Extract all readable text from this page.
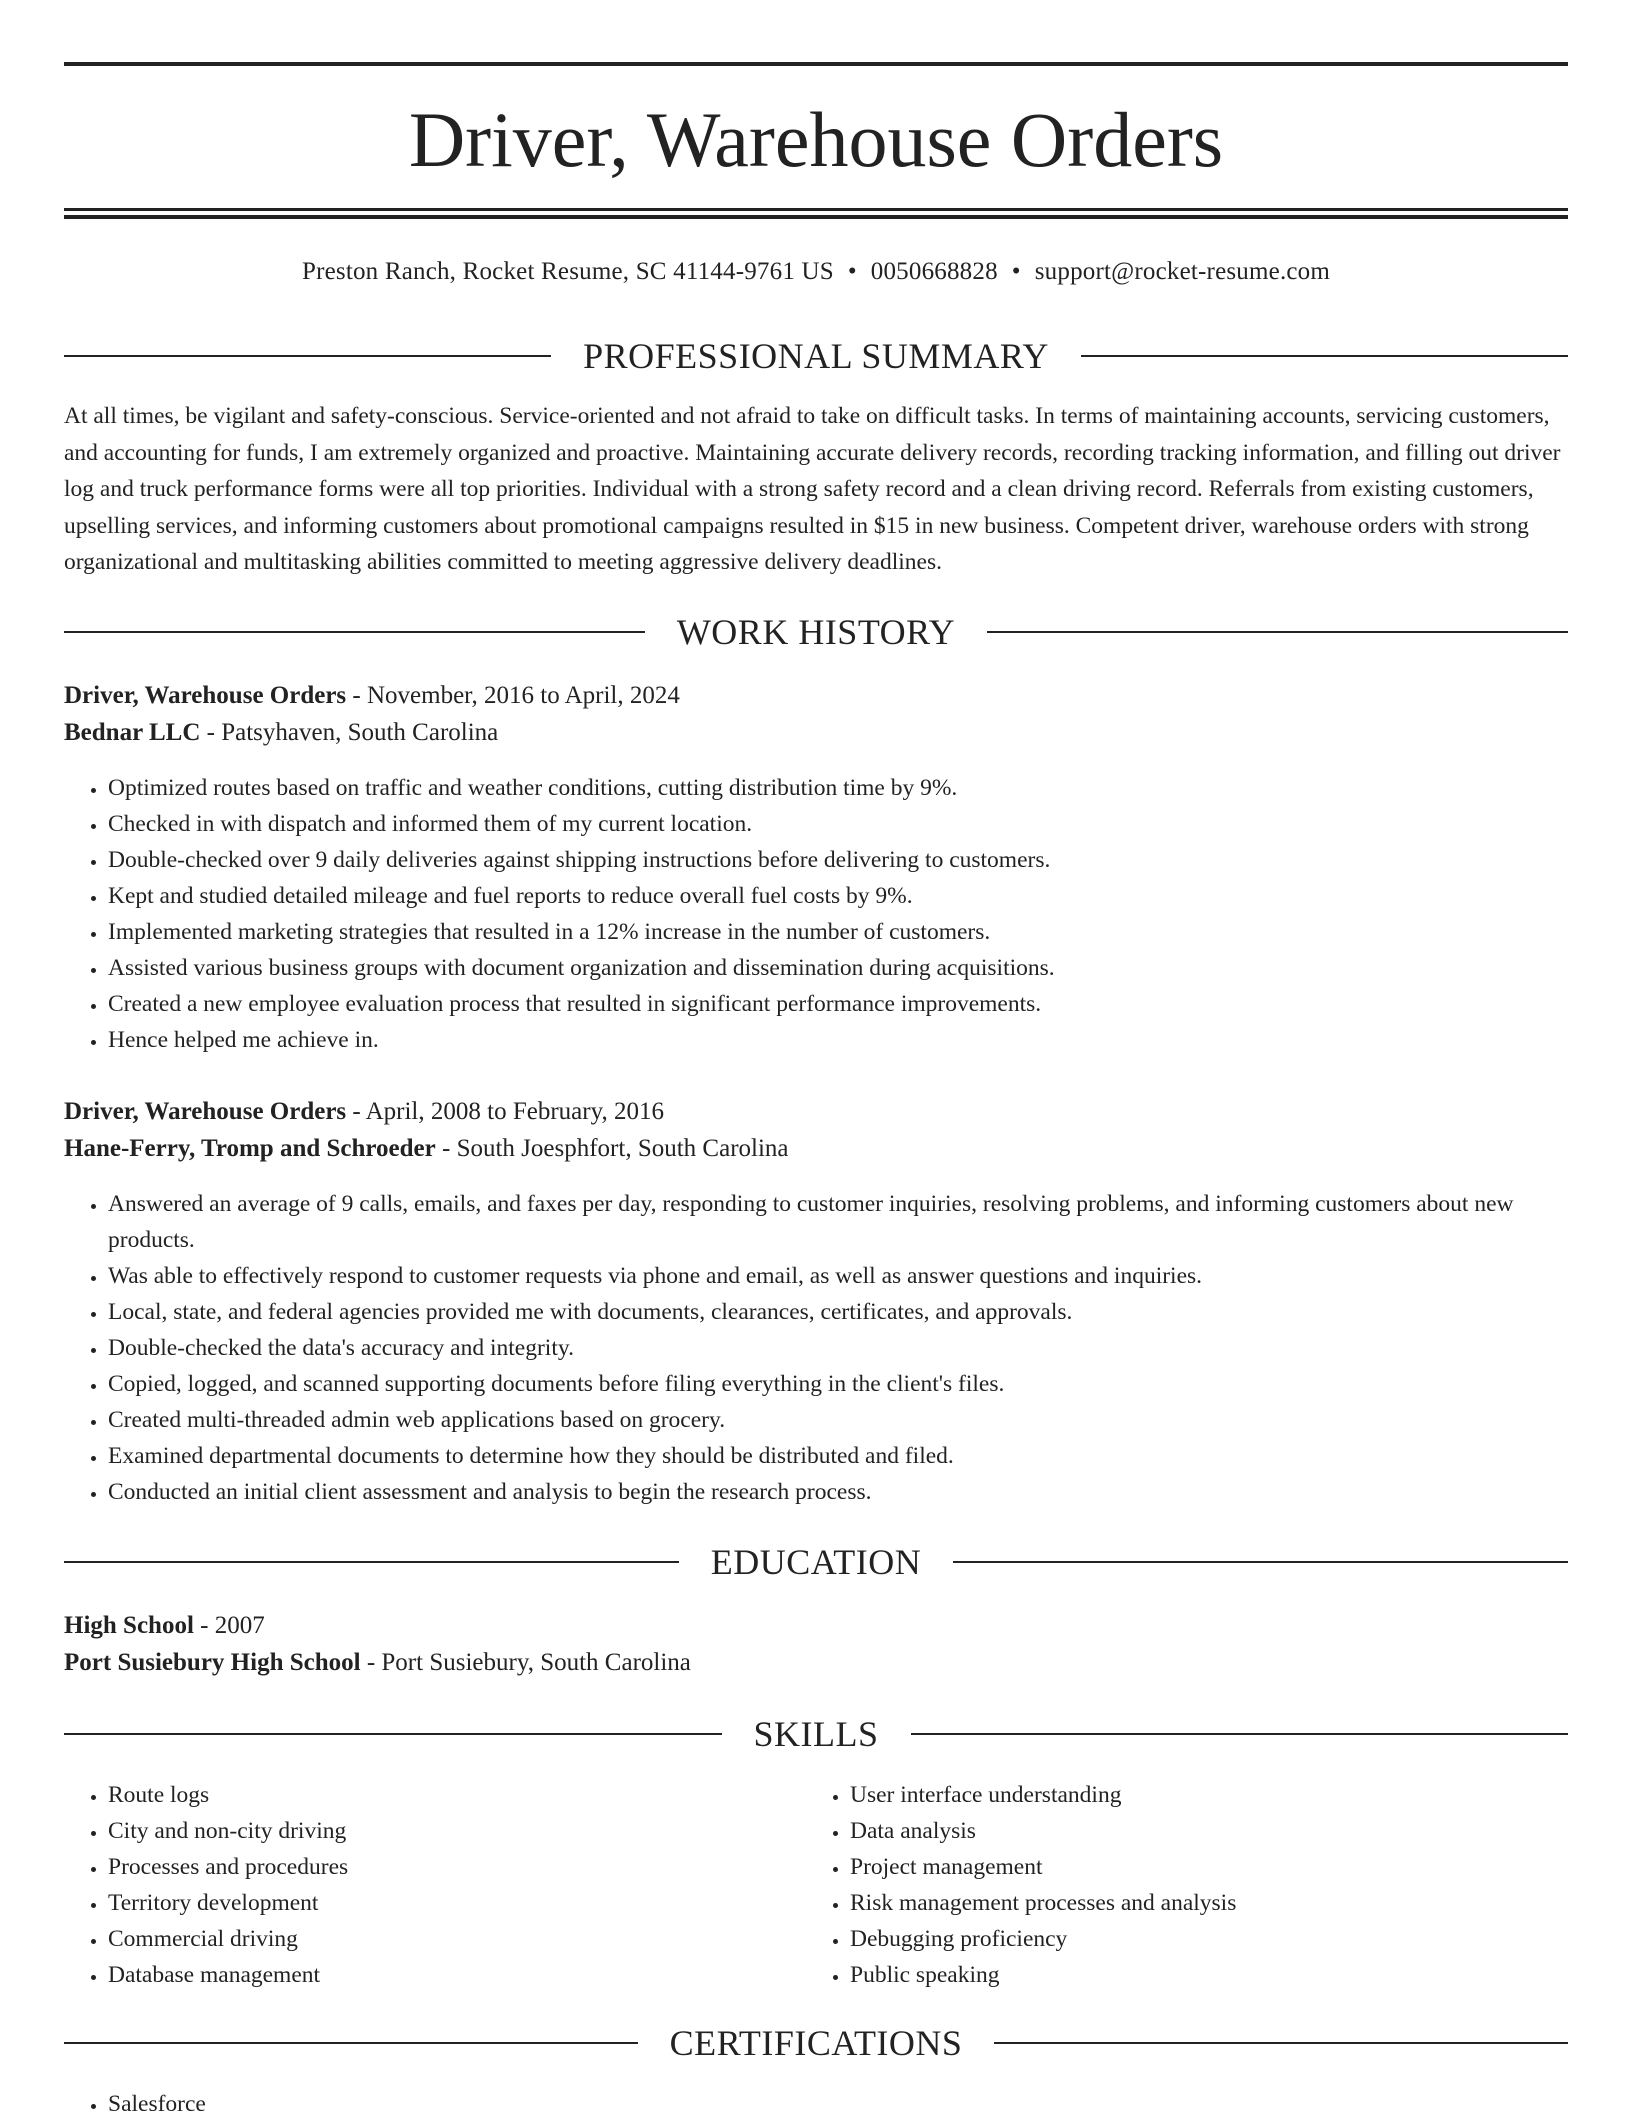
Driver, Warehouse Orders
Preston Ranch, Rocket Resume, SC 41144-9761 US • 0050668828 • support@rocket-resume.com
PROFESSIONAL SUMMARY

At all times, be vigilant and safety-conscious. Service-oriented and not afraid to take on difficult tasks. In terms of maintaining accounts, servicing customers, and accounting for funds, I am extremely organized and proactive. Maintaining accurate delivery records, recording tracking information, and filling out driver log and truck performance forms were all top priorities. Individual with a strong safety record and a clean driving record. Referrals from existing customers, upselling services, and informing customers about promotional campaigns resulted in $15 in new business. Competent driver, warehouse orders with strong organizational and multitasking abilities committed to meeting aggressive delivery deadlines.

WORK HISTORY
Driver, Warehouse Orders - November, 2016 to April, 2024
Bednar LLC - Patsyhaven, South Carolina
• Optimized routes based on traffic and weather conditions, cutting distribution time by 9%.
• Checked in with dispatch and informed them of my current location.
• Double-checked over 9 daily deliveries against shipping instructions before delivering to customers.
• Kept and studied detailed mileage and fuel reports to reduce overall fuel costs by 9%.
• Implemented marketing strategies that resulted in a 12% increase in the number of customers.
• Assisted various business groups with document organization and dissemination during acquisitions.
• Created a new employee evaluation process that resulted in significant performance improvements.
• Hence helped me achieve in.
Driver, Warehouse Orders - April, 2008 to February, 2016
Hane-Ferry, Tromp and Schroeder - South Joesphfort, South Carolina
• Answered an average of 9 calls, emails, and faxes per day, responding to customer inquiries, resolving problems, and informing customers about new products.
• Was able to effectively respond to customer requests via phone and email, as well as answer questions and inquiries.
• Local, state, and federal agencies provided me with documents, clearances, certificates, and approvals.
• Double-checked the data's accuracy and integrity.
• Copied, logged, and scanned supporting documents before filing everything in the client's files.
• Created multi-threaded admin web applications based on grocery.
• Examined departmental documents to determine how they should be distributed and filed.
• Conducted an initial client assessment and analysis to begin the research process.
EDUCATION
High School - 2007
Port Susiebury High School - Port Susiebury, South Carolina
SKILLS
• Route logs
• City and non-city driving
• Processes and procedures
• Territory development
• Commercial driving
• Database management
• User interface understanding
• Data analysis
• Project management
• Risk management processes and analysis
• Debugging proficiency
• Public speaking
CERTIFICATIONS
• Salesforce
